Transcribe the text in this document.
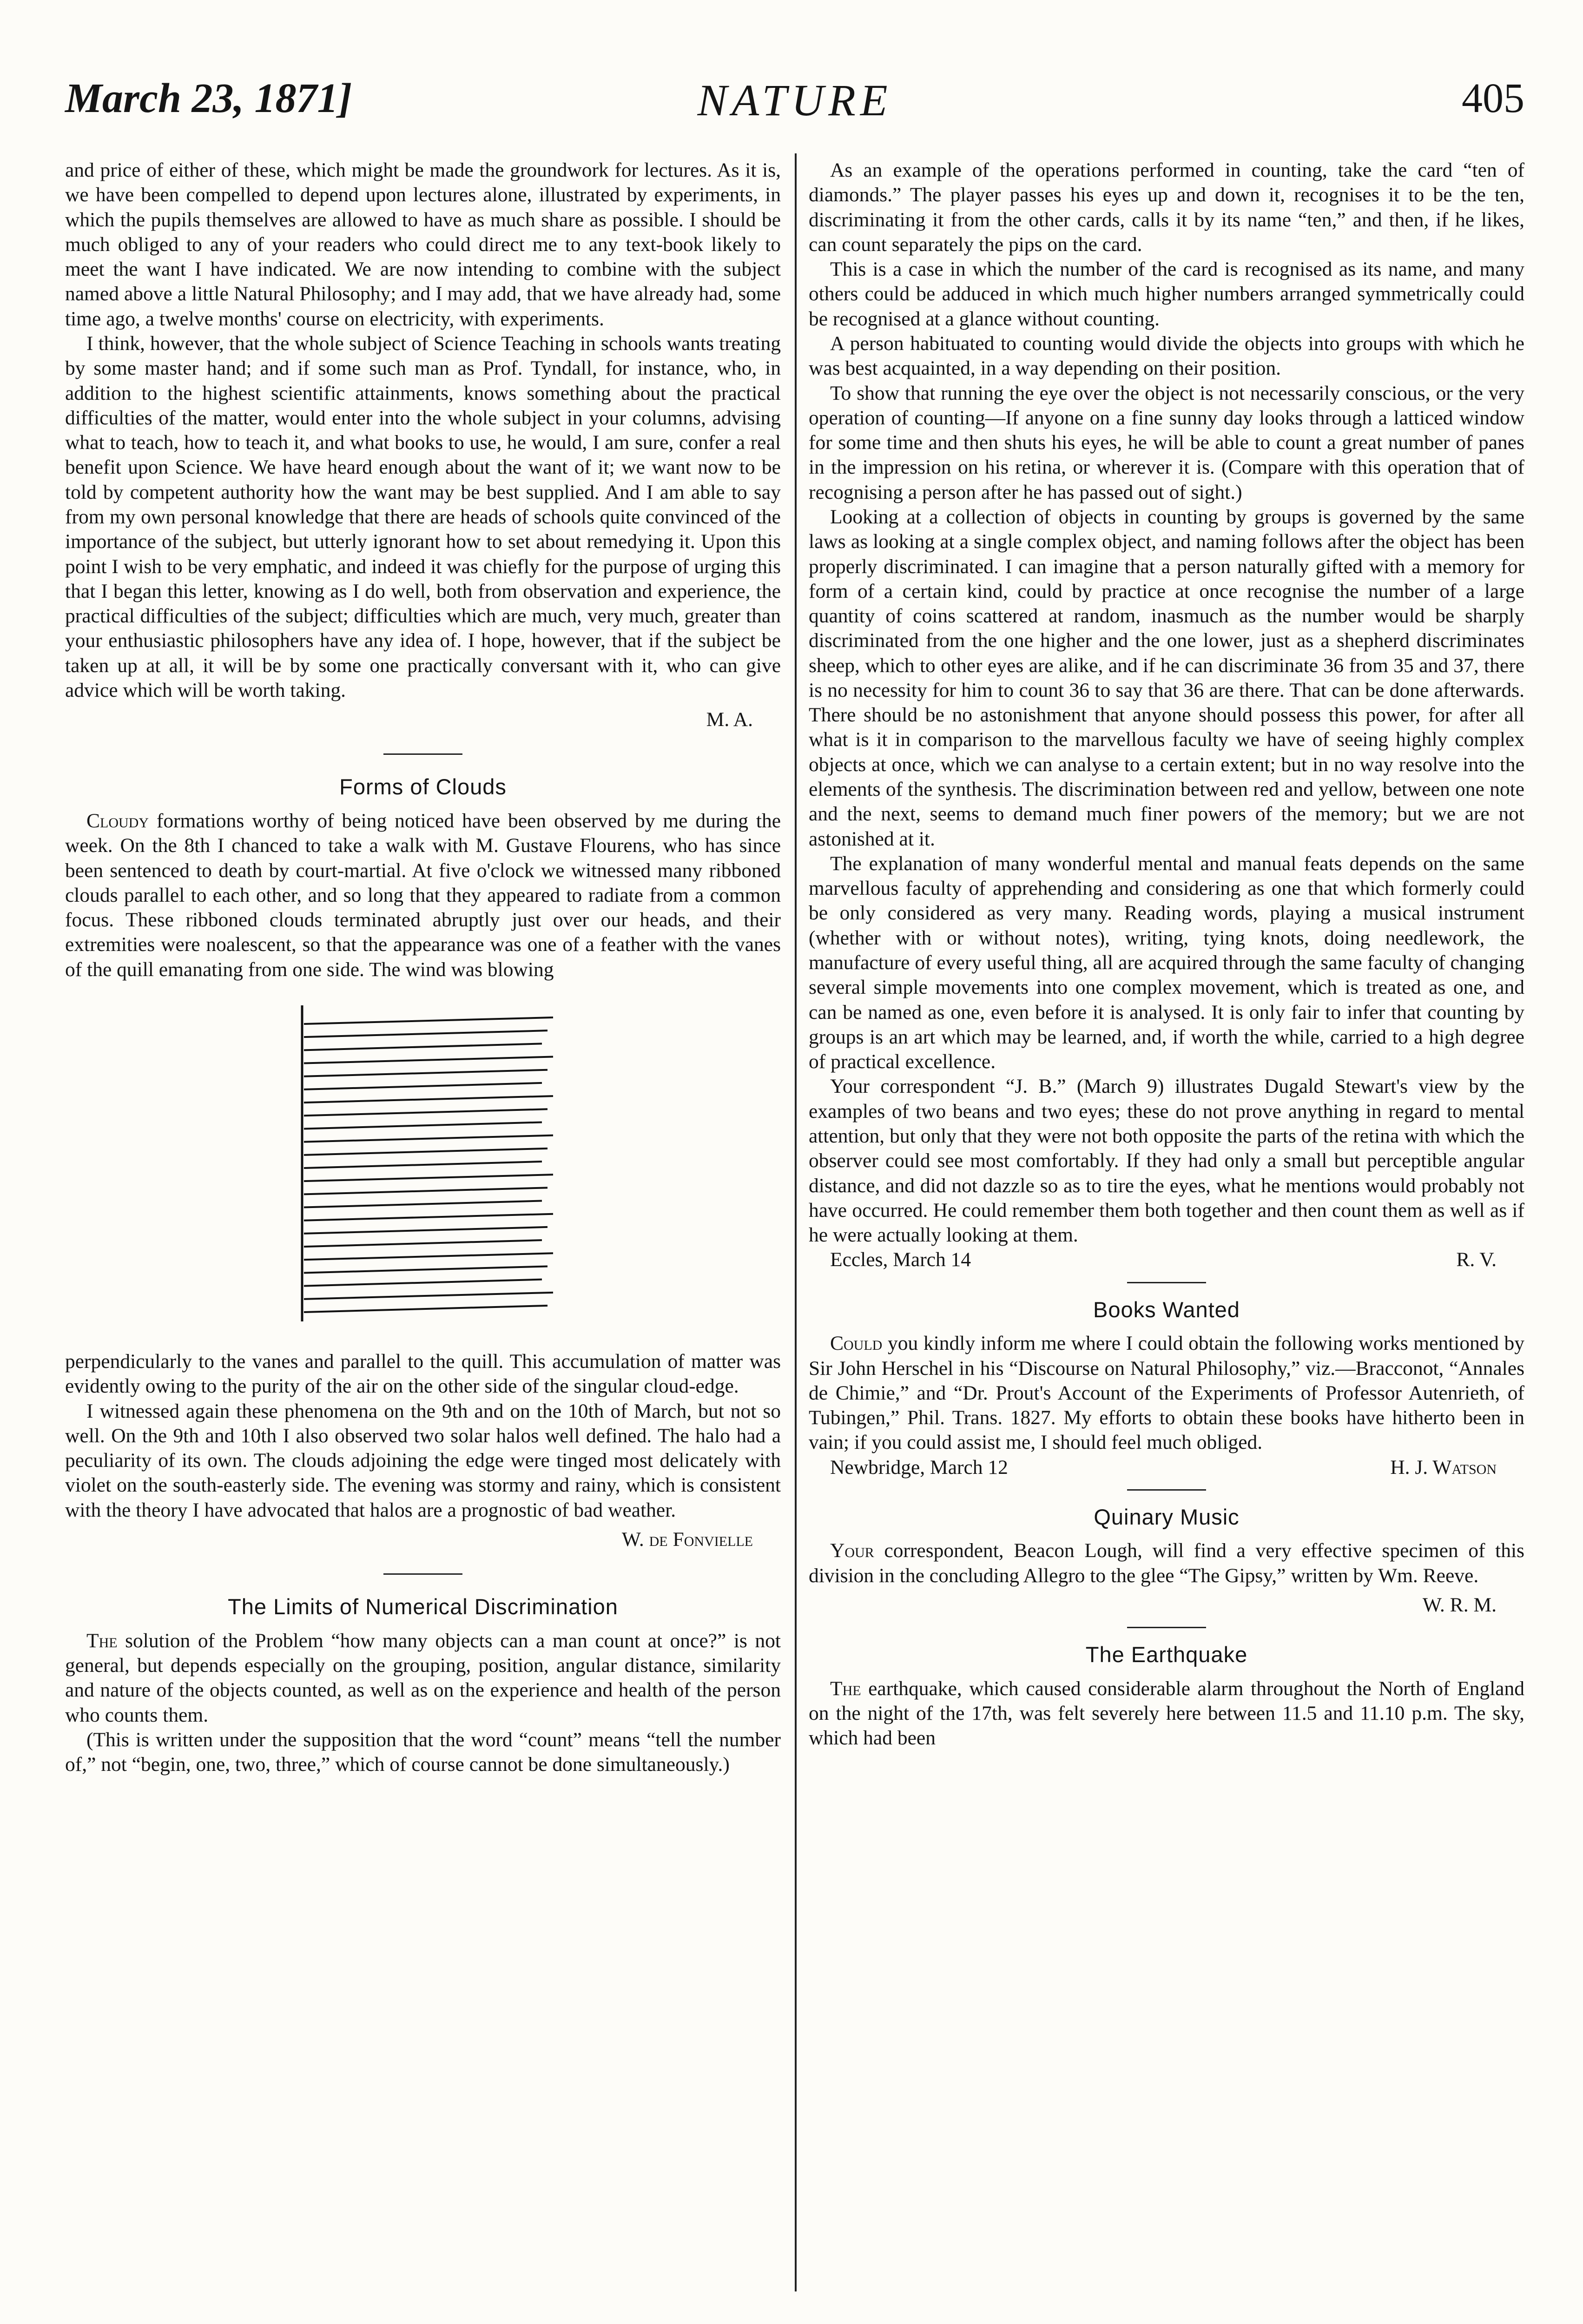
March 23, 1871]	NATURE	405

and price of either of these, which might be made the groundwork for lectures. As it is, we have been compelled to depend upon lectures alone, illustrated by experiments, in which the pupils themselves are allowed to have as much share as possible. I should be much obliged to any of your readers who could direct me to any text-book likely to meet the want I have indicated. We are now intending to combine with the subject named above a little Natural Philosophy; and I may add, that we have already had, some time ago, a twelve months' course on electricity, with experiments.

I think, however, that the whole subject of Science Teaching in schools wants treating by some master hand; and if some such man as Prof. Tyndall, for instance, who, in addition to the highest scientific attainments, knows something about the practical difficulties of the matter, would enter into the whole subject in your columns, advising what to teach, how to teach it, and what books to use, he would, I am sure, confer a real benefit upon Science. We have heard enough about the want of it; we want now to be told by competent authority how the want may be best supplied. And I am able to say from my own personal knowledge that there are heads of schools quite convinced of the importance of the subject, but utterly ignorant how to set about remedying it. Upon this point I wish to be very emphatic, and indeed it was chiefly for the purpose of urging this that I began this letter, knowing as I do well, both from observation and experience, the practical difficulties of the subject; difficulties which are much, very much, greater than your enthusiastic philosophers have any idea of. I hope, however, that if the subject be taken up at all, it will be by some one practically conversant with it, who can give advice which will be worth taking.

M. A.
Forms of Clouds

Cloudy formations worthy of being noticed have been observed by me during the week. On the 8th I chanced to take a walk with M. Gustave Flourens, who has since been sentenced to death by court-martial. At five o'clock we witnessed many ribboned clouds parallel to each other, and so long that they appeared to radiate from a common focus. These ribboned clouds terminated abruptly just over our heads, and their extremities were noalescent, so that the appearance was one of a feather with the vanes of the quill emanating from one side. The wind was blowing

perpendicularly to the vanes and parallel to the quill. This accumulation of matter was evidently owing to the purity of the air on the other side of the singular cloud-edge.

I witnessed again these phenomena on the 9th and on the 10th of March, but not so well. On the 9th and 10th I also observed two solar halos well defined. The halo had a peculiarity of its own. The clouds adjoining the edge were tinged most delicately with violet on the south-easterly side. The evening was stormy and rainy, which is consistent with the theory I have advocated that halos are a prognostic of bad weather.

W. de Fonvielle
The Limits of Numerical Discrimination

The solution of the Problem “how many objects can a man count at once?” is not general, but depends especially on the grouping, position, angular distance, similarity and nature of the objects counted, as well as on the experience and health of the person who counts them.

(This is written under the supposition that the word “count” means “tell the number of,” not “begin, one, two, three,” which of course cannot be done simultaneously.)

As an example of the operations performed in counting, take the card “ten of diamonds.” The player passes his eyes up and down it, recognises it to be the ten, discriminating it from the other cards, calls it by its name “ten,” and then, if he likes, can count separately the pips on the card.

This is a case in which the number of the card is recognised as its name, and many others could be adduced in which much higher numbers arranged symmetrically could be recognised at a glance without counting.

A person habituated to counting would divide the objects into groups with which he was best acquainted, in a way depending on their position.

To show that running the eye over the object is not necessarily conscious, or the very operation of counting—If anyone on a fine sunny day looks through a latticed window for some time and then shuts his eyes, he will be able to count a great number of panes in the impression on his retina, or wherever it is. (Compare with this operation that of recognising a person after he has passed out of sight.)

Looking at a collection of objects in counting by groups is governed by the same laws as looking at a single complex object, and naming follows after the object has been properly discriminated. I can imagine that a person naturally gifted with a memory for form of a certain kind, could by practice at once recognise the number of a large quantity of coins scattered at random, inasmuch as the number would be sharply discriminated from the one higher and the one lower, just as a shepherd discriminates sheep, which to other eyes are alike, and if he can discriminate 36 from 35 and 37, there is no necessity for him to count 36 to say that 36 are there. That can be done afterwards. There should be no astonishment that anyone should possess this power, for after all what is it in comparison to the marvellous faculty we have of seeing highly complex objects at once, which we can analyse to a certain extent; but in no way resolve into the elements of the synthesis. The discrimination between red and yellow, between one note and the next, seems to demand much finer powers of the memory; but we are not astonished at it.

The explanation of many wonderful mental and manual feats depends on the same marvellous faculty of apprehending and considering as one that which formerly could be only considered as very many. Reading words, playing a musical instrument (whether with or without notes), writing, tying knots, doing needlework, the manufacture of every useful thing, all are acquired through the same faculty of changing several simple movements into one complex movement, which is treated as one, and can be named as one, even before it is analysed. It is only fair to infer that counting by groups is an art which may be learned, and, if worth the while, carried to a high degree of practical excellence.

Your correspondent “J. B.” (March 9) illustrates Dugald Stewart's view by the examples of two beans and two eyes; these do not prove anything in regard to mental attention, but only that they were not both opposite the parts of the retina with which the observer could see most comfortably. If they had only a small but perceptible angular distance, and did not dazzle so as to tire the eyes, what he mentions would probably not have occurred. He could remember them both together and then count them as well as if he were actually looking at them.

Eccles, March 14	R. V.
Books Wanted

Could you kindly inform me where I could obtain the following works mentioned by Sir John Herschel in his “Discourse on Natural Philosophy,” viz.—Bracconot, “Annales de Chimie,” and “Dr. Prout's Account of the Experiments of Professor Autenrieth, of Tubingen,” Phil. Trans. 1827. My efforts to obtain these books have hitherto been in vain; if you could assist me, I should feel much obliged.

Newbridge, March 12	H. J. Watson
Quinary Music

Your correspondent, Beacon Lough, will find a very effective specimen of this division in the concluding Allegro to the glee “The Gipsy,” written by Wm. Reeve.

W. R. M.
The Earthquake

The earthquake, which caused considerable alarm throughout the North of England on the night of the 17th, was felt severely here between 11.5 and 11.10 p.m. The sky, which had been
